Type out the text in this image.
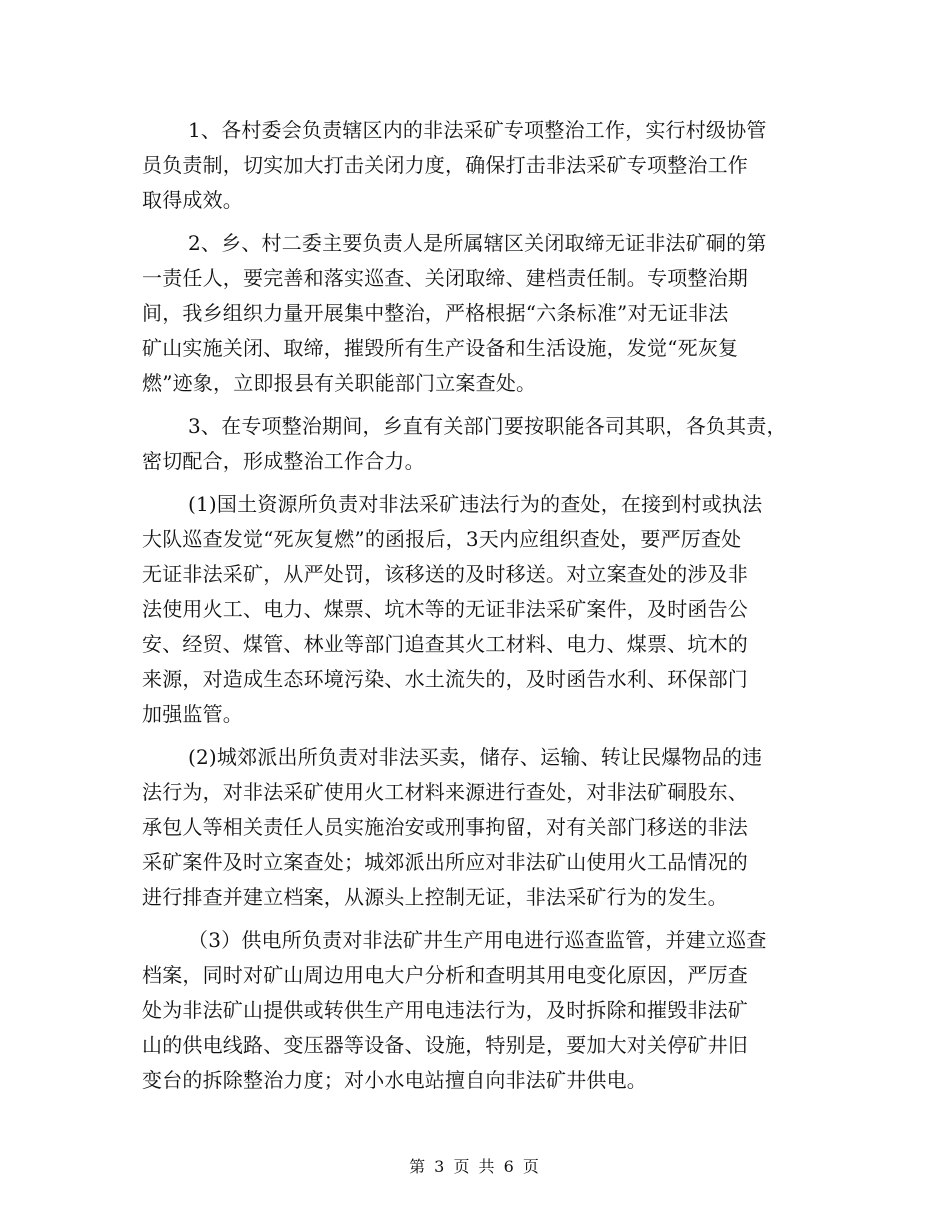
1、各村委会负责辖区内的非法采矿专项整治工作，实行村级协管
员负责制，切实加大打击关闭力度，确保打击非法采矿专项整治工作
取得成效。
2、乡、村二委主要负责人是所属辖区关闭取缔无证非法矿硐的第
一责任人，要完善和落实巡查、关闭取缔、建档责任制。专项整治期
间，我乡组织力量开展集中整治，严格根据“六条标准”对无证非法
矿山实施关闭、取缔，摧毁所有生产设备和生活设施，发觉“死灰复
燃”迹象，立即报县有关职能部门立案查处。
3、在专项整治期间，乡直有关部门要按职能各司其职，各负其责，
密切配合，形成整治工作合力。
(1)国土资源所负责对非法采矿违法行为的查处，在接到村或执法
大队巡查发觉“死灰复燃”的函报后，3天内应组织查处，要严厉查处
无证非法采矿，从严处罚，该移送的及时移送。对立案查处的涉及非
法使用火工、电力、煤票、坑木等的无证非法采矿案件，及时函告公
安、经贸、煤管、林业等部门追查其火工材料、电力、煤票、坑木的
来源，对造成生态环境污染、水土流失的，及时函告水利、环保部门
加强监管。
(2)城郊派出所负责对非法买卖，储存、运输、转让民爆物品的违
法行为，对非法采矿使用火工材料来源进行查处，对非法矿硐股东、
承包人等相关责任人员实施治安或刑事拘留，对有关部门移送的非法
采矿案件及时立案查处；城郊派出所应对非法矿山使用火工品情况的
进行排查并建立档案，从源头上控制无证，非法采矿行为的发生。
（3）供电所负责对非法矿井生产用电进行巡查监管，并建立巡查
档案，同时对矿山周边用电大户分析和查明其用电变化原因，严厉查
处为非法矿山提供或转供生产用电违法行为，及时拆除和摧毁非法矿
山的供电线路、变压器等设备、设施，特别是，要加大对关停矿井旧
变台的拆除整治力度；对小水电站擅自向非法矿井供电。
第 3 页 共 6 页
